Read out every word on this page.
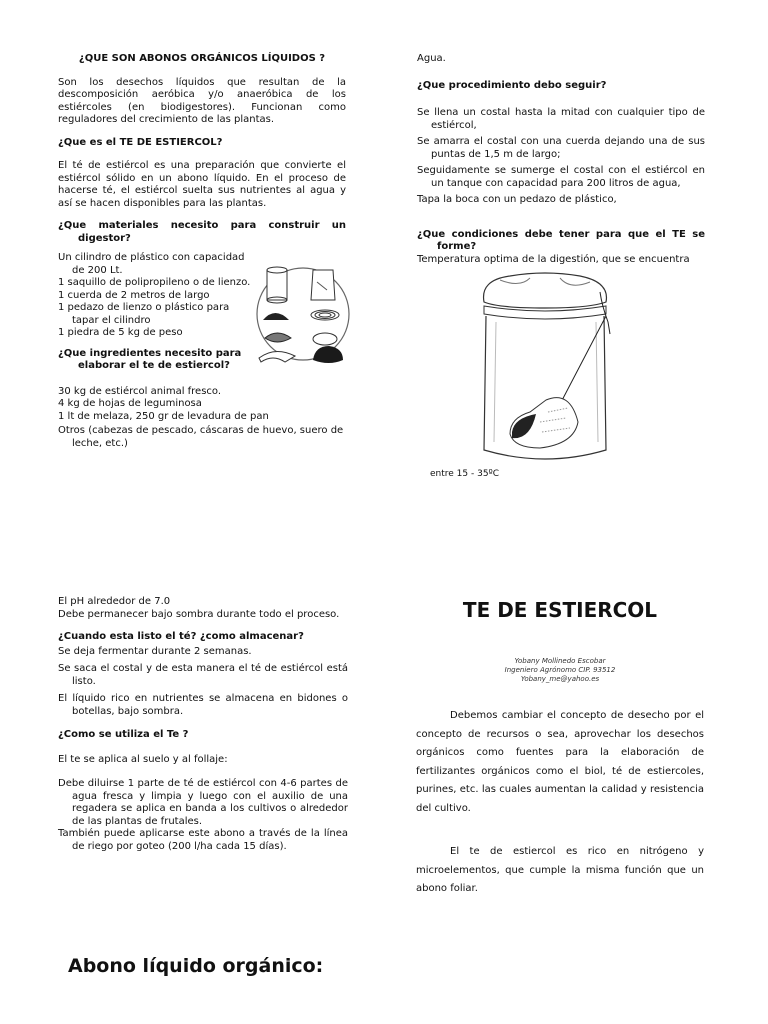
¿QUE SON ABONOS ORGÁNICOS LÍQUIDOS ?

Son los desechos líquidos que resultan de la descomposición aeróbica y/o anaeróbica de los estiércoles (en biodigestores). Funcionan como reguladores del crecimiento de las plantas.

¿Que es el TE DE ESTIERCOL?

El té de estiércol es una preparación que convierte el estiércol sólido en un abono líquido. En el proceso de hacerse té, el estiércol suelta sus nutrientes al agua y así se hacen disponibles para las plantas.

¿Que materiales necesito para construir un digestor?

Un cilindro de plástico con capacidad de 200 Lt.

1 saquillo de polipropileno o de lienzo.

1 cuerda de 2 metros de largo

1 pedazo de lienzo o plástico para tapar el cilindro

1 piedra de 5 kg de peso

¿Que ingredientes necesito para elaborar el te de estiercol?

30 kg de estiércol animal fresco.

4 kg de hojas de leguminosa

1 lt de melaza, 250 gr de levadura de pan

Otros (cabezas de pescado, cáscaras de huevo, suero de leche, etc.)

Agua.

¿Que procedimiento debo seguir?

Se llena un costal hasta la mitad con cualquier tipo de estiércol,

Se amarra el costal con una cuerda dejando una de sus puntas de 1,5 m de largo;

Seguidamente se sumerge el costal con el estiércol en un tanque con capacidad para 200 litros de agua,

Tapa la boca con un pedazo de plástico,

¿Que condiciones debe tener para que el TE se forme?

Temperatura optima de la digestión, que se encuentra

entre 15 - 35ºC

El pH alrededor de 7.0

Debe permanecer bajo sombra durante todo el proceso.

¿Cuando esta listo el té? ¿como almacenar?

Se deja fermentar durante 2 semanas.

Se saca el costal y de esta manera el té de estiércol está listo.

El líquido rico en nutrientes se almacena en bidones o botellas, bajo sombra.

¿Como se utiliza el Te ?

El te se aplica al suelo y al follaje:

Debe diluirse 1 parte de té de estiércol con 4-6 partes de agua fresca y limpia y luego con el auxilio de una regadera se aplica en banda a los cultivos o alrededor de las plantas de frutales.

También puede aplicarse este abono a través de la línea de riego por goteo (200 l/ha cada 15 días).

Abono líquido orgánico:
TE DE ESTIERCOL
Yobany Mollinedo Escobar
Ingeniero Agrónomo CIP. 93512
Yobany_me@yahoo.es

Debemos cambiar el concepto de desecho por el concepto de recursos o sea, aprovechar los desechos orgánicos como fuentes para la elaboración de fertilizantes orgánicos como el biol, té de estiercoles, purines, etc. las cuales aumentan la calidad y resistencia del cultivo.

El te de estiercol es rico en nitrógeno y microelementos, que cumple la misma función que un abono foliar.
